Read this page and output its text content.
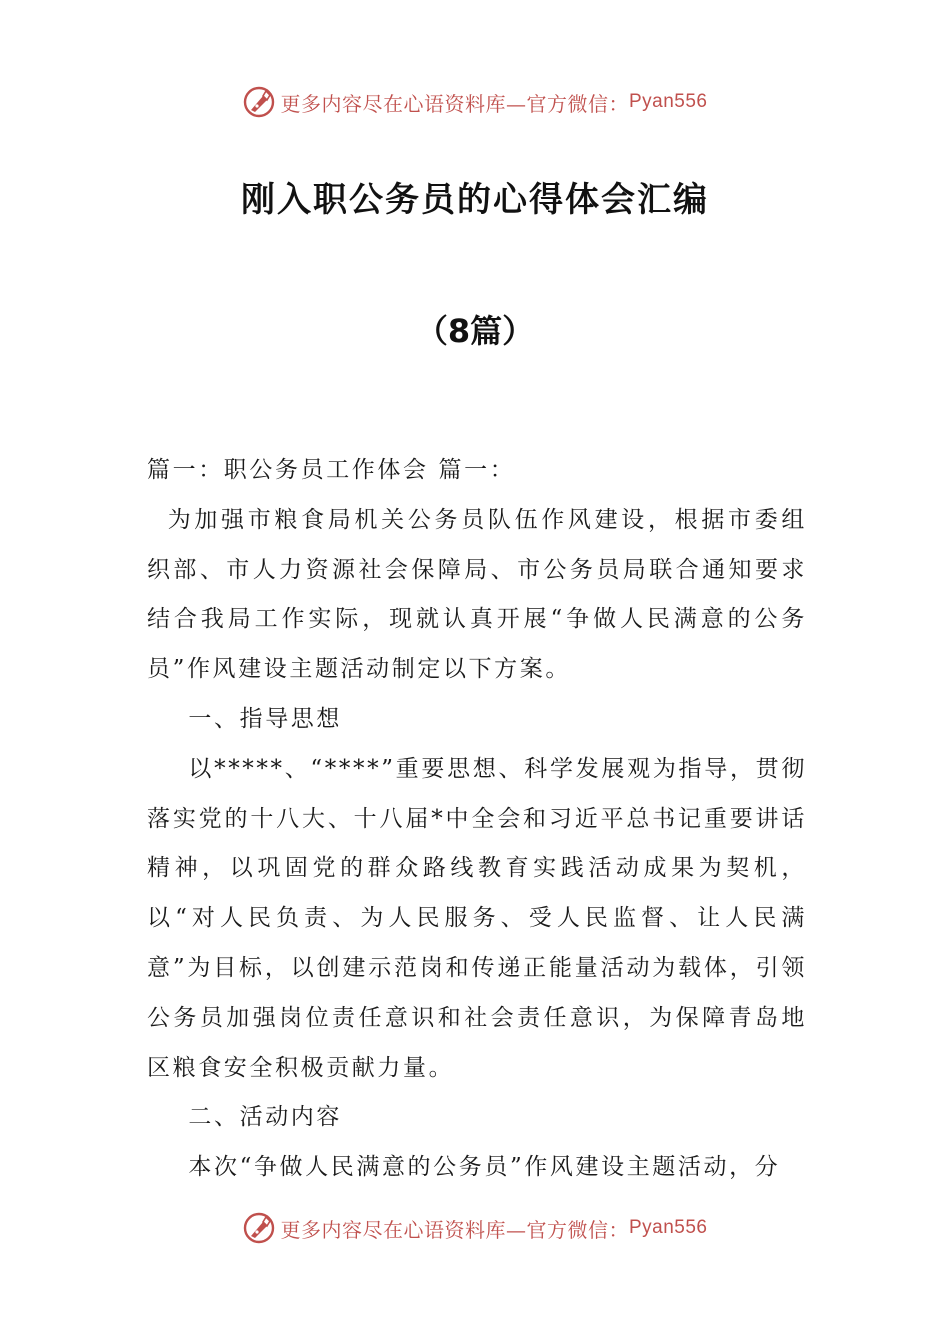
更多内容尽在心语资料库—官方微信： Pyan556
刚入职公务员的心得体会汇编
（8篇）

篇一：职公务员工作体会 篇一：

为加强市粮食局机关公务员队伍作风建设，根据市委组织部、市人力资源社会保障局、市公务员局联合通知要求结合我局工作实际，现就认真开展“争做人民满意的公务员”作风建设主题活动制定以下方案。

一、指导思想

以*****、“****”重要思想、科学发展观为指导，贯彻落实党的十八大、十八届*中全会和习近平总书记重要讲话精神，以巩固党的群众路线教育实践活动成果为契机，以“对人民负责、为人民服务、受人民监督、让人民满意”为目标，以创建示范岗和传递正能量活动为载体，引领公务员加强岗位责任意识和社会责任意识，为保障青岛地区粮食安全积极贡献力量。

二、活动内容

本次“争做人民满意的公务员”作风建设主题活动，分

更多内容尽在心语资料库—官方微信： Pyan556
